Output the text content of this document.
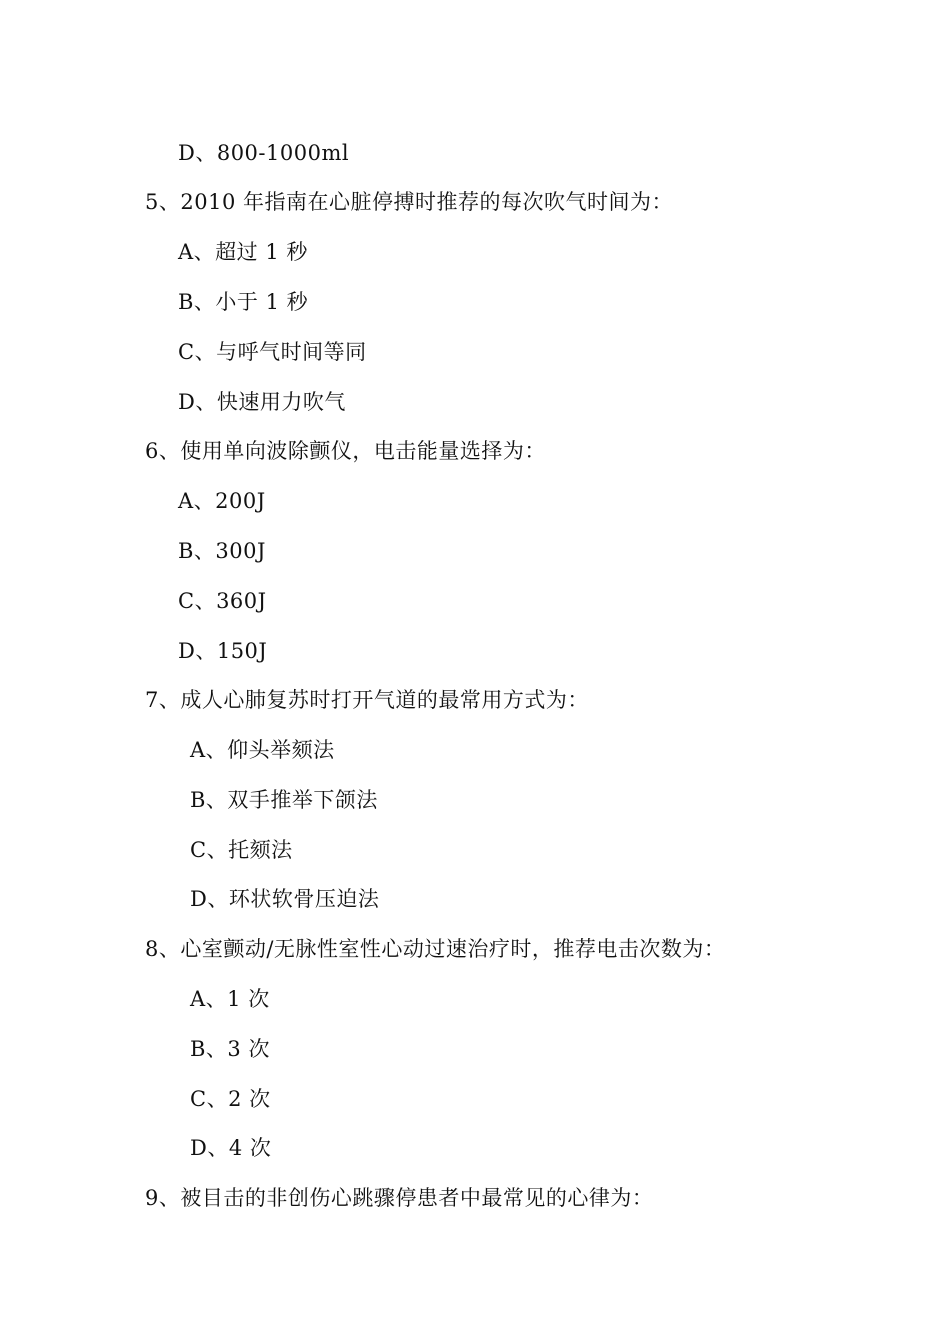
D、800-1000ml
5、2010 年指南在心脏停搏时推荐的每次吹气时间为：
A、超过 1 秒
B、小于 1 秒
C、与呼气时间等同
D、快速用力吹气
6、使用单向波除颤仪，电击能量选择为：
A、200J
B、300J
C、360J
D、150J
7、成人心肺复苏时打开气道的最常用方式为：
A、仰头举颏法
B、双手推举下颌法
C、托颏法
D、环状软骨压迫法
8、心室颤动/无脉性室性心动过速治疗时，推荐电击次数为：
A、1 次
B、3 次
C、2 次
D、4 次
9、被目击的非创伤心跳骤停患者中最常见的心律为：
